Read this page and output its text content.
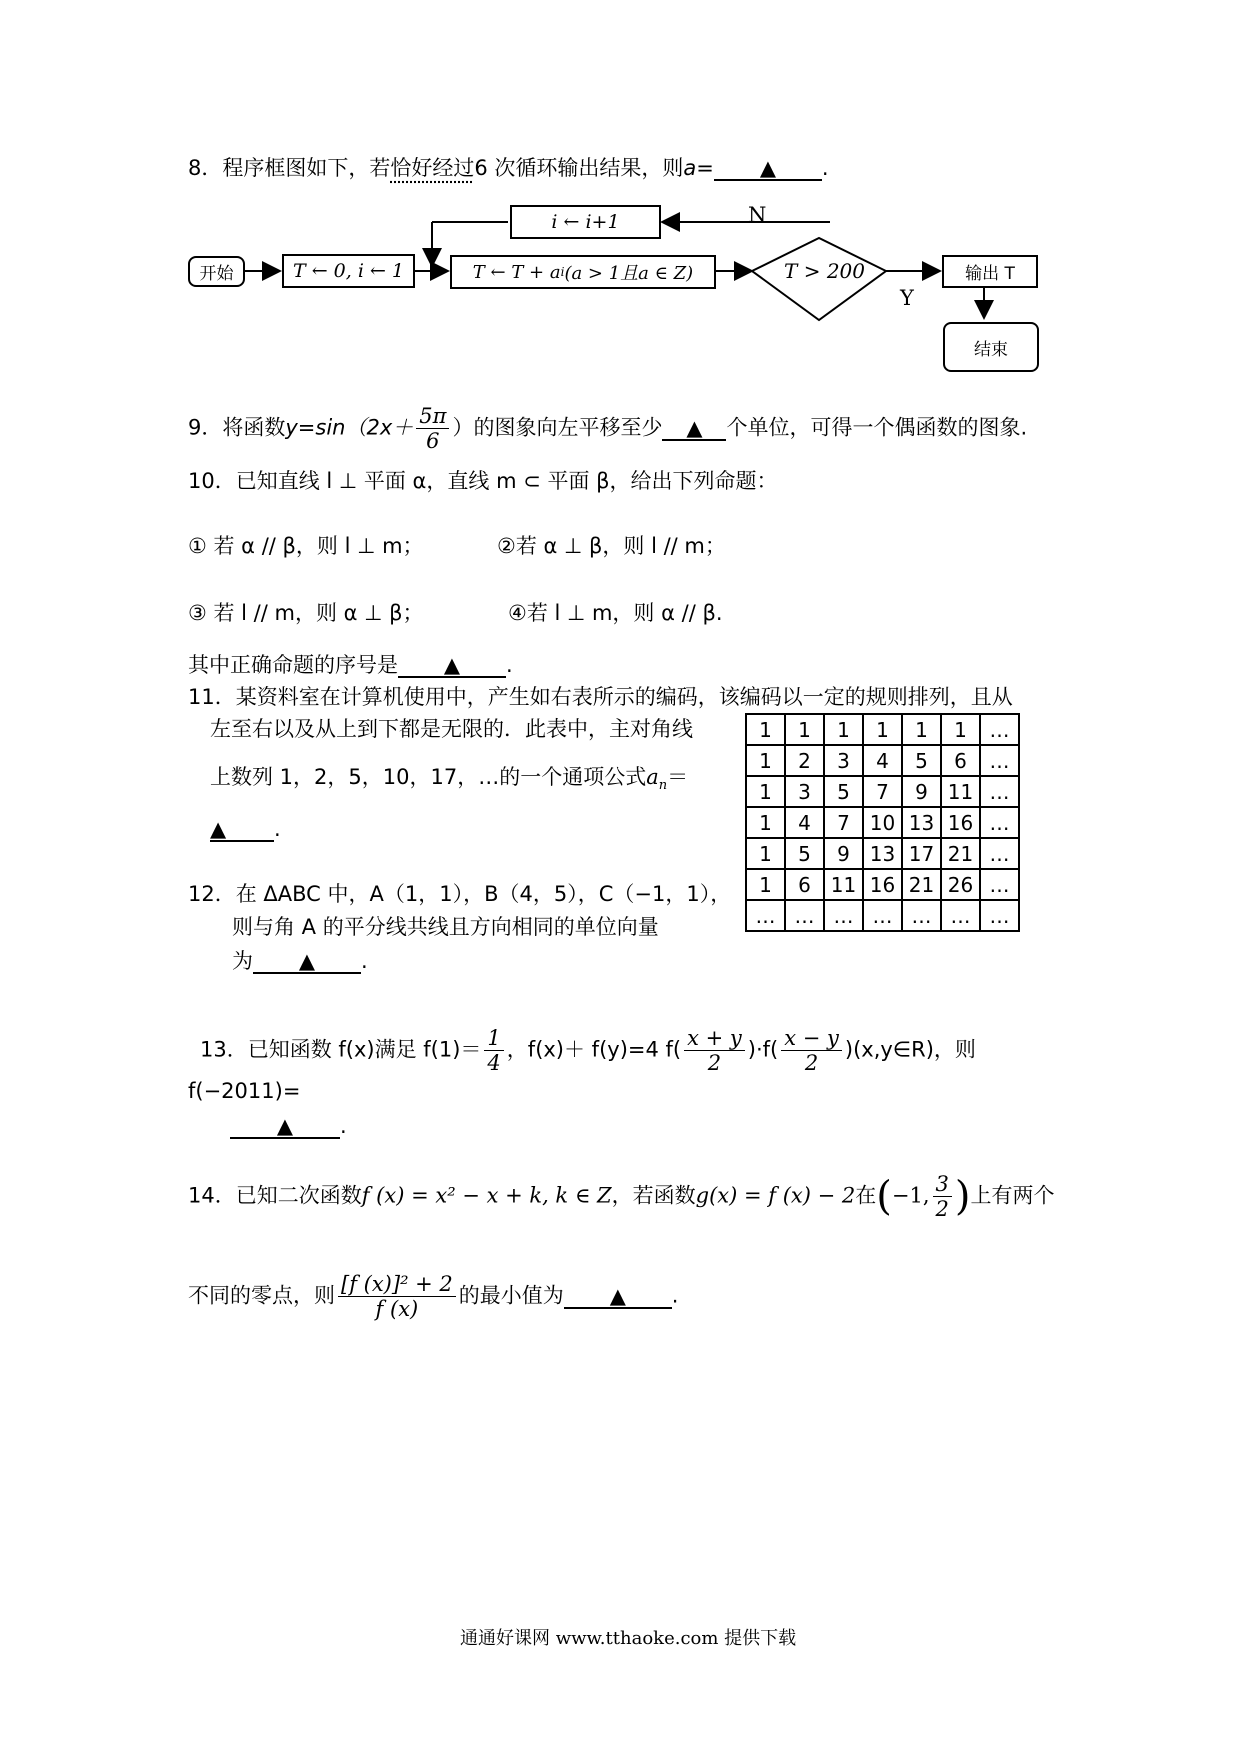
8．程序框图如下，若恰好经过6 次循环输出结果，则a= ▲ .
开始	T ← 0, i ← 1
i ← i+1
T ← T + a i (a > 1且a ∈ Z)	T > 200
N
Y
输出 T
结束
9．将函数$y=\sin(2x+ \frac{5\pi}{6}$ ）的图象向左平移至少 ▲ 个单位，可得一个偶函数的图象.
10．已知直线 l ⊥ 平面 α，直线 m ⊂ 平面 β，给出下列命题：
① 若 α // β，则 l ⊥ m；	②若 α ⊥ β，则 l // m；
③ 若 l // m，则 α ⊥ β；	④若 l ⊥ m，则 α // β.
其中正确命题的序号是 ▲ .
11．某资料室在计算机使用中，产生如右表所示的编码，该编码以一定的规则排列，且从
左至右以及从上到下都是无限的．此表中，主对角线
上数列 1，2，5，10，17，…的一个通项公式$a_n=$
▲ .
1	1	1	1	1	1	…
1	2	3	4	5	6	…
1	3	5	7	9	11	…
1	4	7	10	13	16	…
1	5	9	13	17	21	…
1	6	11	16	21	26	…
…	…	…	…	…	…	…
12．在 ΔABC 中，A（1，1），B（4，5），C（−1，1），
则与角 A 的平分线共线且方向相同的单位向量
为 ▲ .
13．已知函数 f(x)满足 $f(1)= \frac{1}{4}$ ，f(x)＋ f(y)=4 $f( \frac{x + y}{2} )\cdot f( \frac{x - y}{2}$ )(x,y∈R)，则
f(−2011)=
▲ .
14．已知二次函数f (x) = x² − x + k, k ∈ Z，若函数g(x) = f (x) − 2在(−1, $\frac{3}{2}$ )上有两个
不同的零点，则 $\frac{\text{[f (x)]² + 2}}{f (x)}$ 的最小值为 ▲ .
通通好课网 www.tthaoke.com 提供下载
